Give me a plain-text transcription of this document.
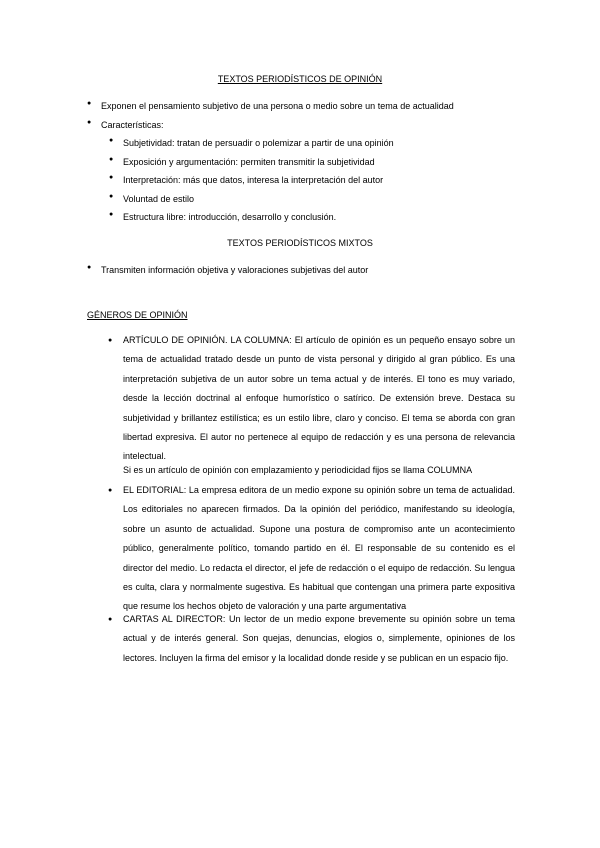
TEXTOS PERIODÍSTICOS DE OPINIÓN
● Exponen el pensamiento subjetivo de una persona o medio sobre un tema de actualidad
● Características:
● Subjetividad: tratan de persuadir o polemizar a partir de una opinión
● Exposición y argumentación: permiten transmitir la subjetividad
● Interpretación: más que datos, interesa la interpretación del autor
● Voluntad de estilo
● Estructura libre: introducción, desarrollo y conclusión.
TEXTOS PERIODÍSTICOS MIXTOS
● Transmiten información objetiva y valoraciones subjetivas del autor
GÉNEROS DE OPINIÓN
● ARTÍCULO DE OPINIÓN. LA COLUMNA: El artículo de opinión es un pequeño ensayo sobre un tema de actualidad tratado desde un punto de vista personal y dirigido al gran público. Es una interpretación subjetiva de un autor sobre un tema actual y de interés. El tono es muy variado, desde la lección doctrinal al enfoque humorístico o satírico. De extensión breve. Destaca su subjetividad y brillantez estilística; es un estilo libre, claro y conciso. El tema se aborda con gran libertad expresiva. El autor no pertenece al equipo de redacción y es una persona de relevancia intelectual.
Si es un artículo de opinión con emplazamiento y periodicidad fijos se llama COLUMNA
● EL EDITORIAL: La empresa editora de un medio expone su opinión sobre un tema de actualidad. Los editoriales no aparecen firmados. Da la opinión del periódico, manifestando su ideología, sobre un asunto de actualidad. Supone una postura de compromiso ante un acontecimiento público, generalmente político, tomando partido en él. El responsable de su contenido es el director del medio. Lo redacta el director, el jefe de redacción o el equipo de redacción. Su lengua es culta, clara y normalmente sugestiva. Es habitual que contengan una primera parte expositiva que resume los hechos objeto de valoración y una parte argumentativa
● CARTAS AL DIRECTOR: Un lector de un medio expone brevemente su opinión sobre un tema actual y de interés general. Son quejas, denuncias, elogios o, simplemente, opiniones de los lectores. Incluyen la firma del emisor y la localidad donde reside y se publican en un espacio fijo.
